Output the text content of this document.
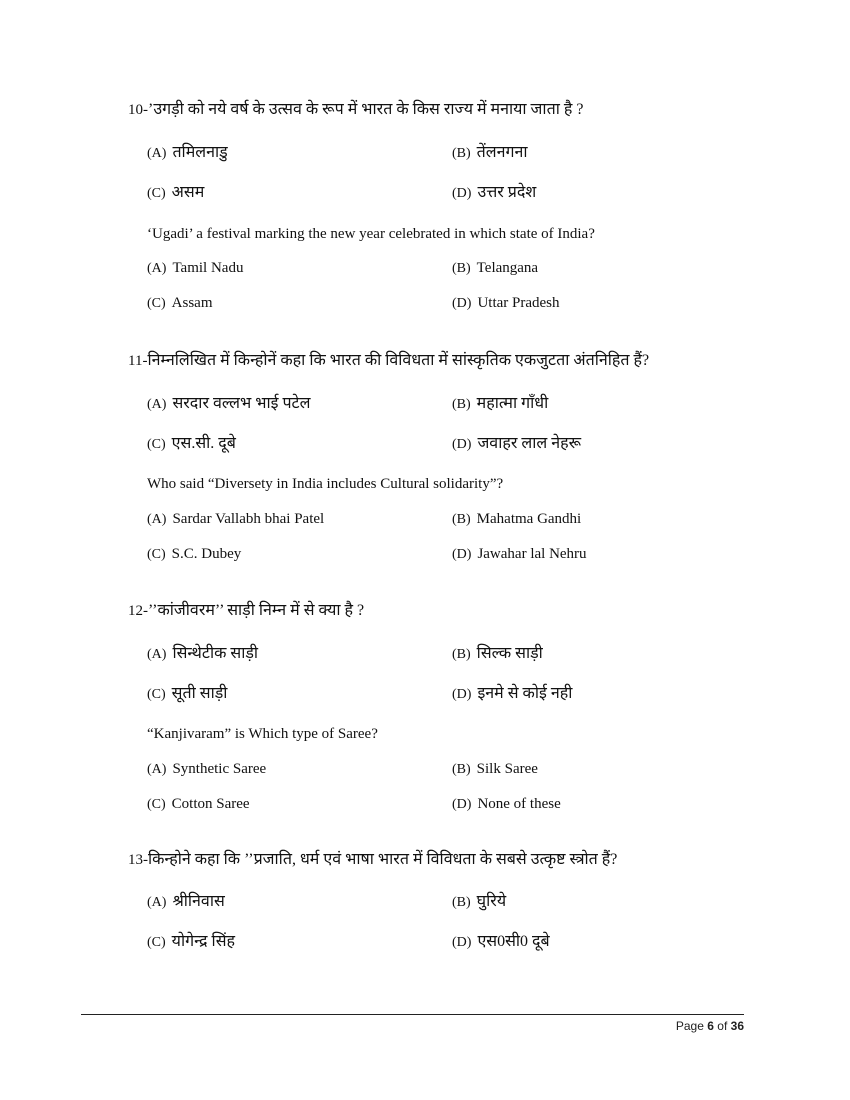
10-’उगड़ी को नये वर्ष के उत्सव के रूप में भारत के किस राज्य में मनाया जाता है ?
(A) तमिलनाडु	(B) तेंलनगना
(C) असम	(D) उत्तर प्रदेश
‘Ugadi’ a festival marking the new year celebrated in which state of India?
(A) Tamil Nadu	(B) Telangana
(C) Assam	(D) Uttar Pradesh
11-निम्नलिखित में किन्होनें कहा कि भारत की विविधता में सांस्कृतिक एकजुटता अंतनिहित हैं?
(A) सरदार वल्लभ भाई पटेल	(B) महात्मा गाँधी
(C) एस.सी. दूबे	(D) जवाहर लाल नेहरू
Who said “Diversety in India includes Cultural solidarity”?
(A) Sardar Vallabh bhai Patel	(B) Mahatma Gandhi
(C) S.C. Dubey	(D) Jawahar lal Nehru
12-’’कांजीवरम’’ साड़ी निम्न में से क्या है ?
(A) सिन्थेटीक साड़ी	(B) सिल्क साड़ी
(C) सूती साड़ी	(D) इनमे से कोई नही
“Kanjivaram” is Which type of Saree?
(A) Synthetic Saree	(B) Silk Saree
(C) Cotton Saree	(D) None of these
13-किन्होने कहा कि ’’प्रजाति, धर्म एवं भाषा भारत में विविधता के सबसे उत्कृष्ट स्त्रोत हैं?
(A) श्रीनिवास	(B) घुरिये
(C) योगेन्द्र सिंह	(D) एस0सी0 दूबे
Page 6 of 36
